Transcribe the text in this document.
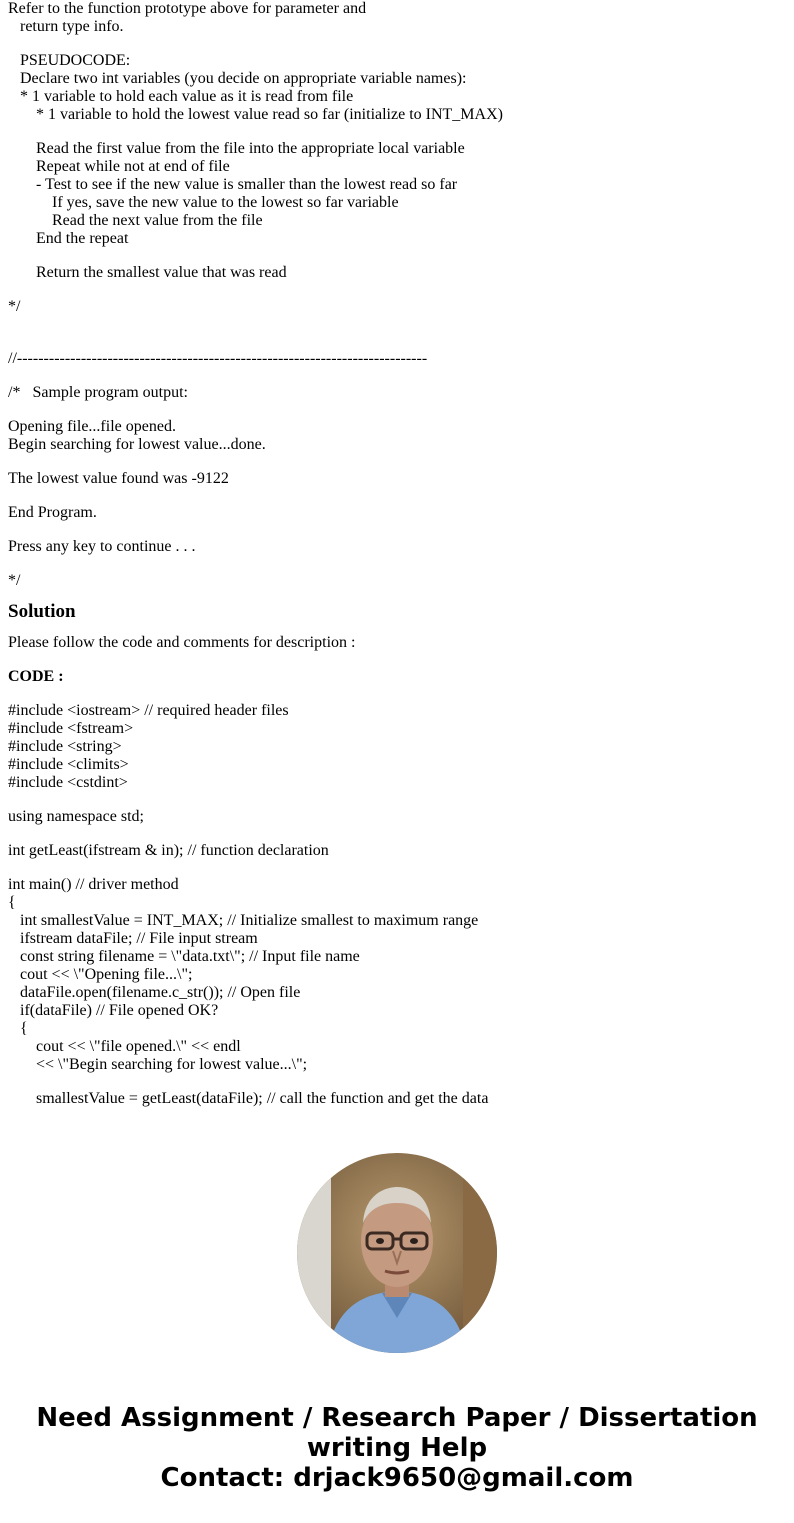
Refer to the function prototype above for parameter and
return type info.
PSEUDOCODE:
Declare two int variables (you decide on appropriate variable names):
* 1 variable to hold each value as it is read from file
* 1 variable to hold the lowest value read so far (initialize to INT_MAX)
Read the first value from the file into the appropriate local variable
Repeat while not at end of file
- Test to see if the new value is smaller than the lowest read so far
If yes, save the new value to the lowest so far variable
Read the next value from the file
End the repeat
Return the smallest value that was read
*/
//-----------------------------------------------------------------------------
/*   Sample program output:
Opening file...file opened.
Begin searching for lowest value...done.
The lowest value found was -9122
End Program.
Press any key to continue . . .
*/
Solution
Please follow the code and comments for description :
CODE :
#include <iostream> // required header files
#include <fstream>
#include <string>
#include <climits>
#include <cstdint>
using namespace std;
int getLeast(ifstream & in); // function declaration
int main() // driver method
{
int smallestValue = INT_MAX; // Initialize smallest to maximum range
ifstream dataFile; // File input stream
const string filename = \"data.txt\"; // Input file name
cout << \"Opening file...\";
dataFile.open(filename.c_str()); // Open file
if(dataFile) // File opened OK?
{
cout << \"file opened.\" << endl
<< \"Begin searching for lowest value...\";
smallestValue = getLeast(dataFile); // call the function and get the data
Need Assignment / Research Paper / Dissertation
writing Help
Contact: drjack9650@gmail.com
